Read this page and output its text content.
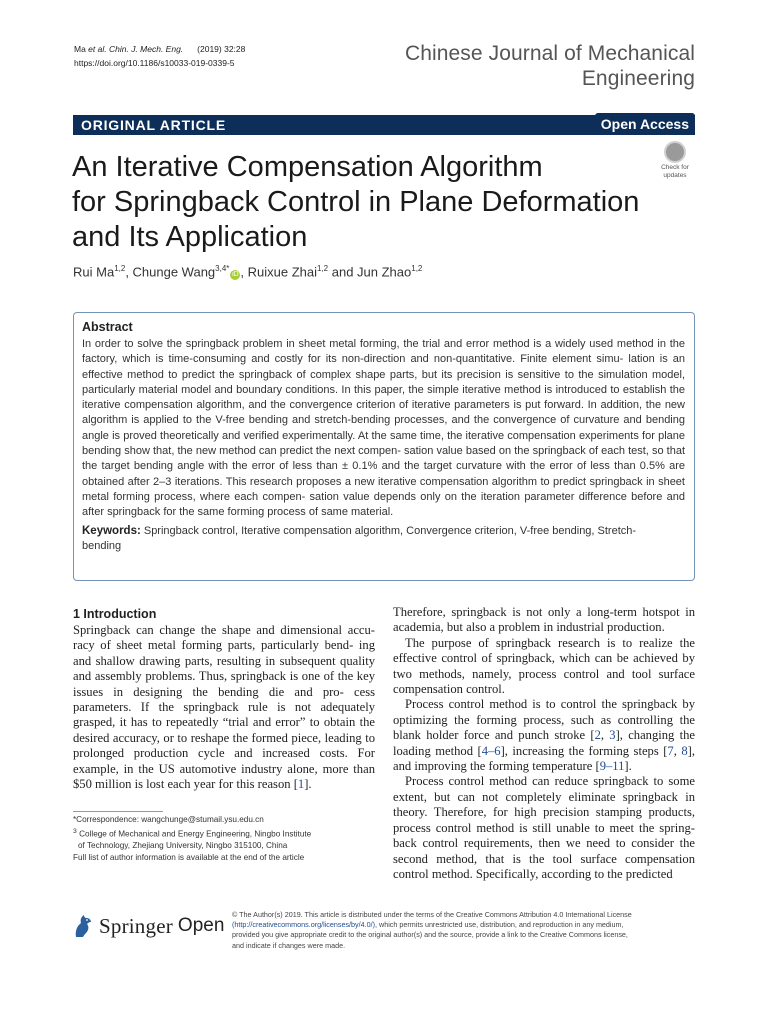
Ma et al. Chin. J. Mech. Eng. (2019) 32:28
https://doi.org/10.1186/s10033-019-0339-5	Chinese Journal of Mechanical
Engineering
ORIGINAL ARTICLE	Open Access
An Iterative Compensation Algorithm
for Springback Control in Plane Deformation
and Its Application
Check for
updates
Rui Ma$^{1,2}$, Chunge Wang$^{3,4*}$iD , Ruixue Zhai$^{1,2}$ and Jun Zhao$^{1,2}$
Abstract

In order to solve the springback problem in sheet metal forming, the trial and error method is a widely used method in the factory, which is time-consuming and costly for its non-direction and non-quantitative. Finite element simu- lation is an effective method to predict the springback of complex shape parts, but its precision is sensitive to the simulation model, particularly material model and boundary conditions. In this paper, the simple iterative method is introduced to establish the iterative compensation algorithm, and the convergence criterion of iterative parameters is put forward. In addition, the new algorithm is applied to the V-free bending and stretch-bending processes, and the convergence of curvature and bending angle is proved theoretically and verified experimentally. At the same time, the iterative compensation experiments for plane bending show that, the new method can predict the next compen- sation value based on the springback of each test, so that the target bending angle with the error of less than ± 0.1% and the target curvature with the error of less than 0.5% are obtained after 2–3 iterations. This research proposes a new iterative compensation algorithm to predict springback in sheet metal forming process, where each compen- sation value depends only on the iteration parameter difference before and after springback for the same forming process of same material.

Keywords: Springback control, Iterative compensation algorithm, Convergence criterion, V-free bending, Stretch-
bending
1 Introduction

Springback can change the shape and dimensional accu- racy of sheet metal forming parts, particularly bend- ing and shallow drawing parts, resulting in subsequent quality and assembly problems. Thus, springback is one of the key issues in designing the bending die and pro- cess parameters. If the springback rule is not adequately grasped, it has to repeatedly “trial and error” to obtain the desired accuracy, or to reshape the formed piece, leading to prolonged production cycle and increased costs. For example, in the US automotive industry alone, more than $50 million is lost each year for this reason [1].

Therefore, springback is not only a long-term hotspot in academia, but also a problem in industrial production.

The purpose of springback research is to realize the effective control of springback, which can be achieved by two methods, namely, process control and tool surface compensation control.

Process control method is to control the springback by optimizing the forming process, such as controlling the blank holder force and punch stroke [2, 3], changing the loading method [4–6], increasing the forming steps [7, 8], and improving the forming temperature [9–11].

Process control method can reduce springback to some extent, but can not completely eliminate springback in theory. Therefore, for high precision stamping products, process control method is still unable to meet the spring- back control requirements, then we need to consider the second method, that is the tool surface compensation control method. Specifically, according to the predicted

*Correspondence: wangchunge@stumail.ysu.edu.cn
$^3$ College of Mechanical and Energy Engineering, Ningbo Institute
of Technology, Zhejiang University, Ningbo 315100, China
Full list of author information is available at the end of the article
Springer Open
© The Author(s) 2019. This article is distributed under the terms of the Creative Commons Attribution 4.0 International License
(http://creativecommons.org/licenses/by/4.0/), which permits unrestricted use, distribution, and reproduction in any medium,
provided you give appropriate credit to the original author(s) and the source, provide a link to the Creative Commons license,
and indicate if changes were made.
